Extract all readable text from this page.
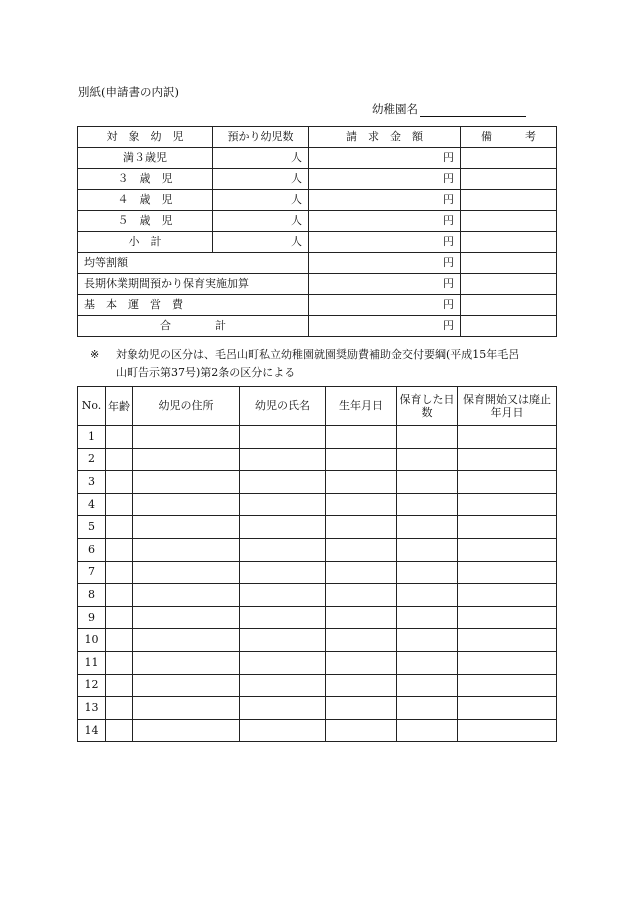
別紙(申請書の内訳)
幼稚園名
対　象　幼　児	預かり幼児数	請　求　金　額	備　　　考
満３歳児	人	円	
３　歳　児	人	円	
４　歳　児	人	円	
５　歳　児	人	円	
小　計	人	円	
均等割額		円	
長期休業期間預かり保育実施加算		円	
基　本　運　営　費		円	
合　　　　計		円	
※ 対象幼児の区分は、毛呂山町私立幼稚園就園奨励費補助金交付要綱(平成15年毛呂
山町告示第37号)第2条の区分による
No.	年齢	幼児の住所	幼児の氏名	生年月日	保育した日　数	保育開始又は廃止年月日
1						
2						
3						
4						
5						
6						
7						
8						
9						
10						
11						
12						
13						
14						
